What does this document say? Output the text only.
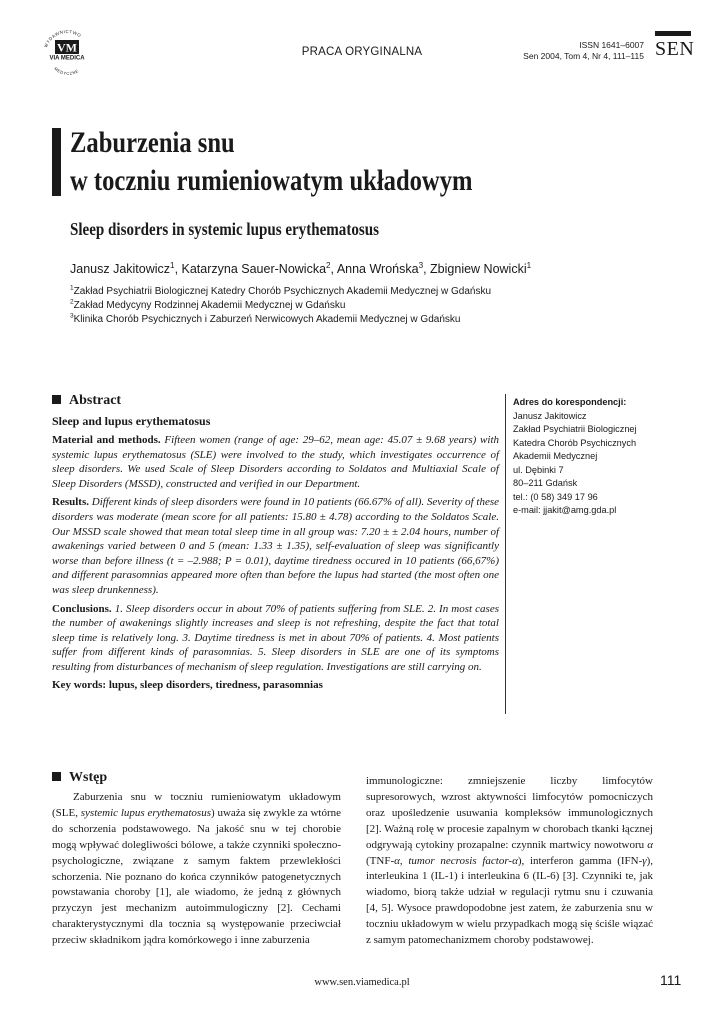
WYDAWNICTWO
VM
VIA MEDICA
MEDYCZNE
PRACA ORYGINALNA
ISSN 1641–6007
Sen 2004, Tom 4, Nr 4, 111–115 SEN
Zaburzenia snu
w toczniu rumieniowatym układowym
Sleep disorders in systemic lupus erythematosus
Janusz Jakitowicz$^1$, Katarzyna Sauer-Nowicka$^2$, Anna Wrońska$^3$, Zbigniew Nowicki$^1$
$^1$Zakład Psychiatrii Biologicznej Katedry Chorób Psychicznych Akademii Medycznej w Gdańsku
$^2$Zakład Medycyny Rodzinnej Akademii Medycznej w Gdańsku
$^3$Klinika Chorób Psychicznych i Zaburzeń Nerwicowych Akademii Medycznej w Gdańsku
Abstract
Sleep and lupus erythematosus

Material and methods. Fifteen women (range of age: 29–62, mean age: 45.07 ± 9.68 years) with systemic lupus erythematosus (SLE) were involved to the study, which investigates occurrence of sleep disorders. We used Scale of Sleep Disorders according to Soldatos and Multiaxial Scale of Sleep Disorders (MSSD), constructed and verified in our Department.

Results. Different kinds of sleep disorders were found in 10 patients (66.67% of all). Severity of these disorders was moderate (mean score for all patients: 15.80 ± 4.78) according to the Soldatos Scale. Our MSSD scale showed that mean total sleep time in all group was: 7.20 ± ± 2.04 hours, number of awakenings varied between 0 and 5 (mean: 1.33 ± 1.35), self-evaluation of sleep was significantly worse than before illness (t = –2.988; P = 0.01), daytime tiredness occured in 10 patients (66,67%) and different parasomnias appeared more often than before the lupus had started (the most often one was sleep drunkenness).

Conclusions. 1. Sleep disorders occur in about 70% of patients suffering from SLE. 2. In most cases the number of awakenings slightly increases and sleep is not refreshing, despite the fact that total sleep time is relatively long. 3. Daytime tiredness is met in about 70% of patients. 4. Most patients suffer from different kinds of parasomnias. 5. Sleep disorders in SLE are one of its symptoms resulting from disturbances of mechanism of sleep regulation. Investigations are still carrying on.

Key words: lupus, sleep disorders, tiredness, parasomnias
Adres do korespondencji:
Janusz Jakitowicz
Zakład Psychiatrii Biologicznej
Katedra Chorób Psychicznych
Akademii Medycznej
ul. Dębinki 7
80–211 Gdańsk
tel.: (0 58) 349 17 96
e-mail: jjakit@amg.gda.pl
Wstęp

Zaburzenia snu w toczniu rumieniowatym układowym (SLE, systemic lupus erythematosus) uważa się zwykle za wtórne do schorzenia podstawowego. Na jakość snu w tej chorobie mogą wpływać dolegliwości bólowe, a także czynniki społeczno-psychologiczne, związane z samym faktem przewlekłości schorzenia. Nie poznano do końca czynników patogenetycznych powstawania choroby [1], ale wiadomo, że jedną z głównych przyczyn jest mechanizm autoimmulogiczny [2]. Cechami charakterystycznymi dla tocznia są występowanie przeciwciał przeciw składnikom jądra komórkowego i inne zaburzenia

immunologiczne: zmniejszenie liczby limfocytów supresorowych, wzrost aktywności limfocytów pomocniczych oraz upośledzenie usuwania kompleksów immunologicznych [2]. Ważną rolę w procesie zapalnym w chorobach tkanki łącznej odgrywają cytokiny prozapalne: czynnik martwicy nowotworu α (TNF-α, tumor necrosis factor-α), interferon gamma (IFN-γ), interleukina 1 (IL-1) i interleukina 6 (IL-6) [3]. Czynniki te, jak wiadomo, biorą także udział w regulacji rytmu snu i czuwania [4, 5]. Wysoce prawdopodobne jest zatem, że zaburzenia snu w toczniu układowym w wielu przypadkach mogą się ściśle wiązać z samym patomechanizmem choroby podstawowej.

www.sen.viamedica.pl	111
